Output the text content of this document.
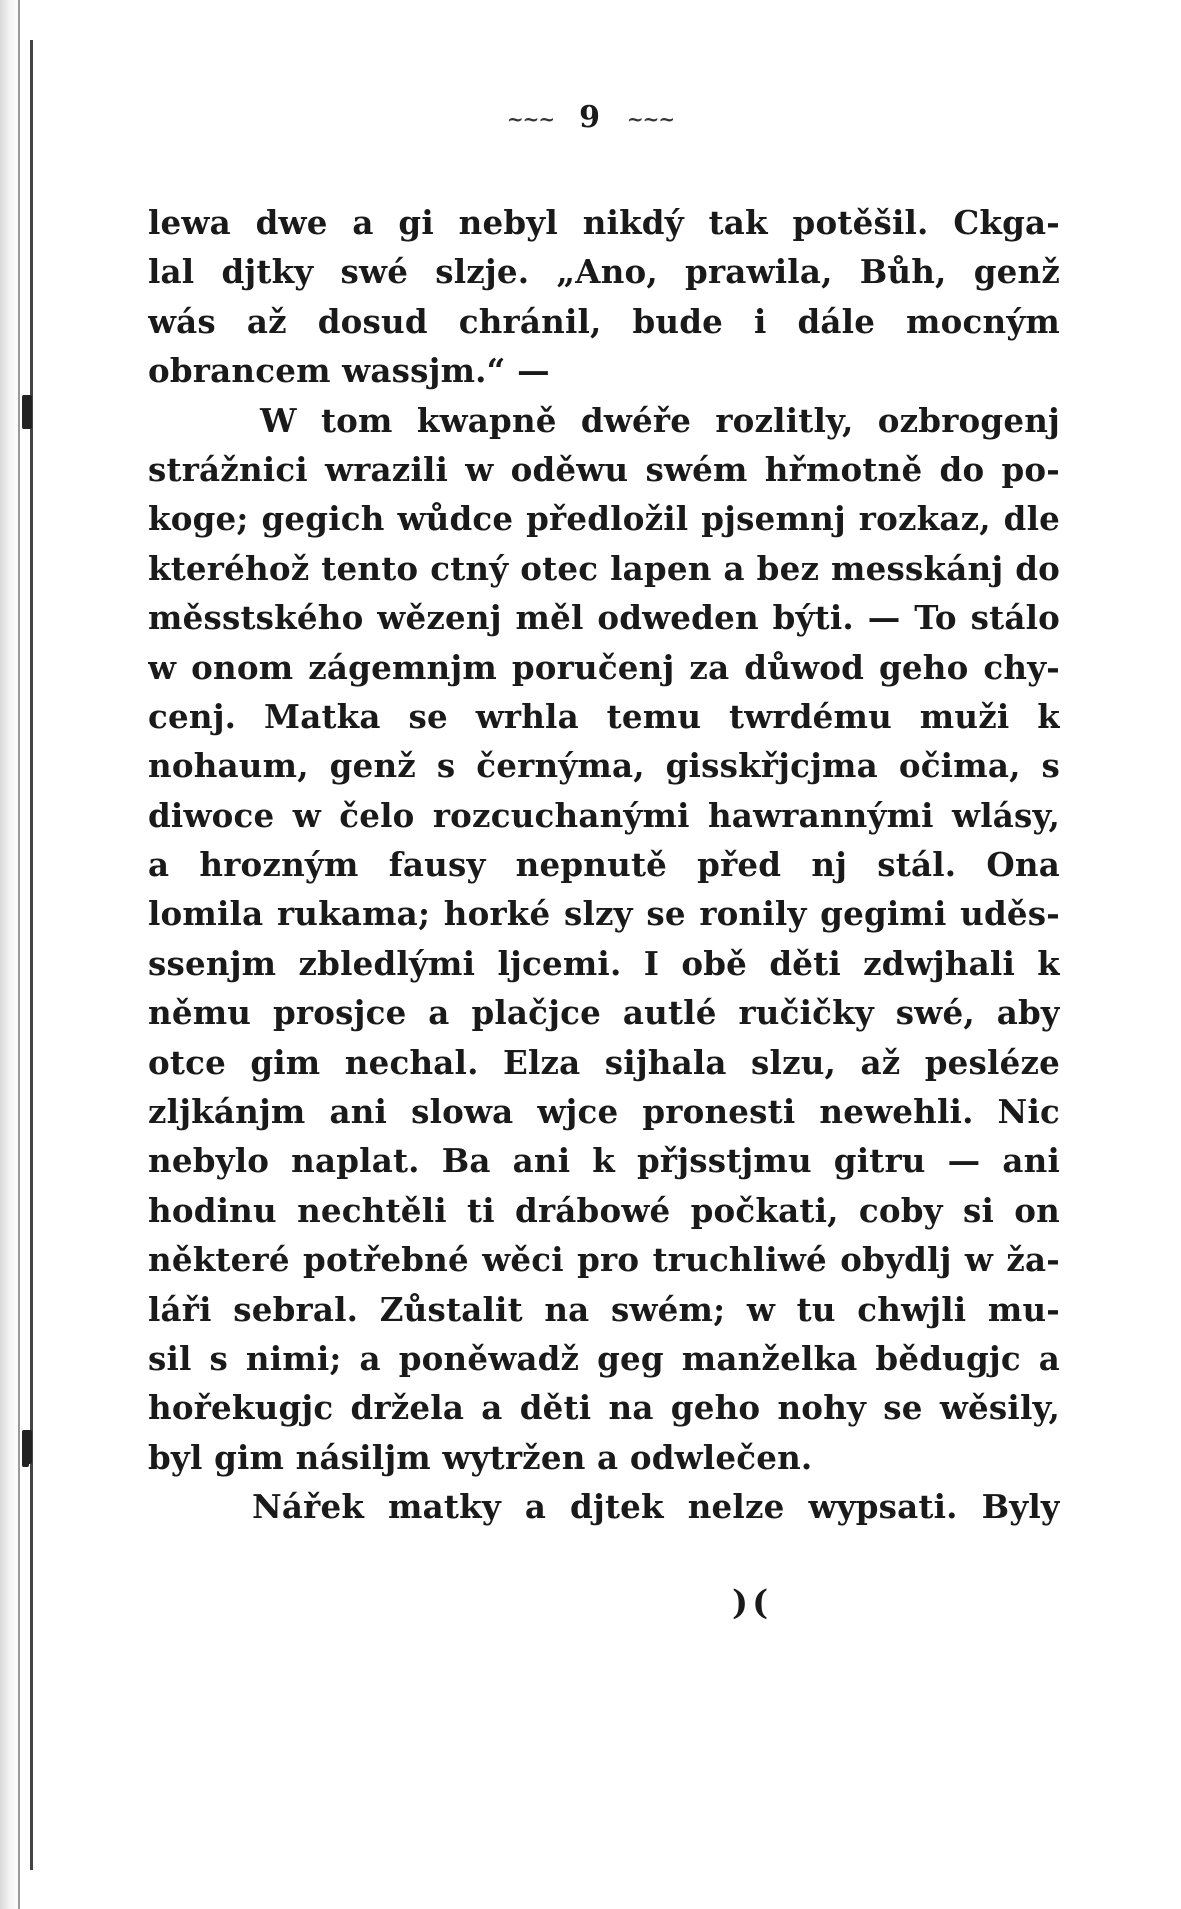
~~~ 9 ~~~
lewa dwe a gi nebyl nikdý tak potěšil. Ckga-
lal djtky swé slzje. „Ano, prawila, Bůh, genž
wás až dosud chránil, bude i dále mocným
obrancem wassjm.“ —
W tom kwapně dwéře rozlitly, ozbrogenj
strážnici wrazili w oděwu swém hřmotně do po-
koge; gegich wůdce předložil pjsemnj rozkaz, dle
kteréhož tento ctný otec lapen a bez messkánj do
měsstského wězenj měl odweden býti. — To stálo
w onom zágemnjm poručenj za důwod geho chy-
cenj. Matka se wrhla temu twrdému muži k
nohaum, genž s černýma, gisskřjcjma očima, s
diwoce w čelo rozcuchanými hawrannými wlásy,
a hrozným fausy nepnutě před nj stál. Ona
lomila rukama; horké slzy se ronily gegimi uděs-
ssenjm zbledlými ljcemi. I obě děti zdwjhali k
němu prosjce a plačjce autlé ručičky swé, aby
otce gim nechal. Elza sijhala slzu, až pesléze
zljkánjm ani slowa wjce pronesti newehli. Nic
nebylo naplat. Ba ani k přjsstjmu gitru — ani
hodinu nechtěli ti drábowé počkati, coby si on
některé potřebné wěci pro truchliwé obydlj w ža-
láři sebral. Zůstalit na swém; w tu chwjli mu-
sil s nimi; a poněwadž geg manželka bědugjc a
hořekugjc držela a děti na geho nohy se wěsily,
byl gim násiljm wytržen a odwlečen.
Nářek matky a djtek nelze wypsati. Byly
)(
